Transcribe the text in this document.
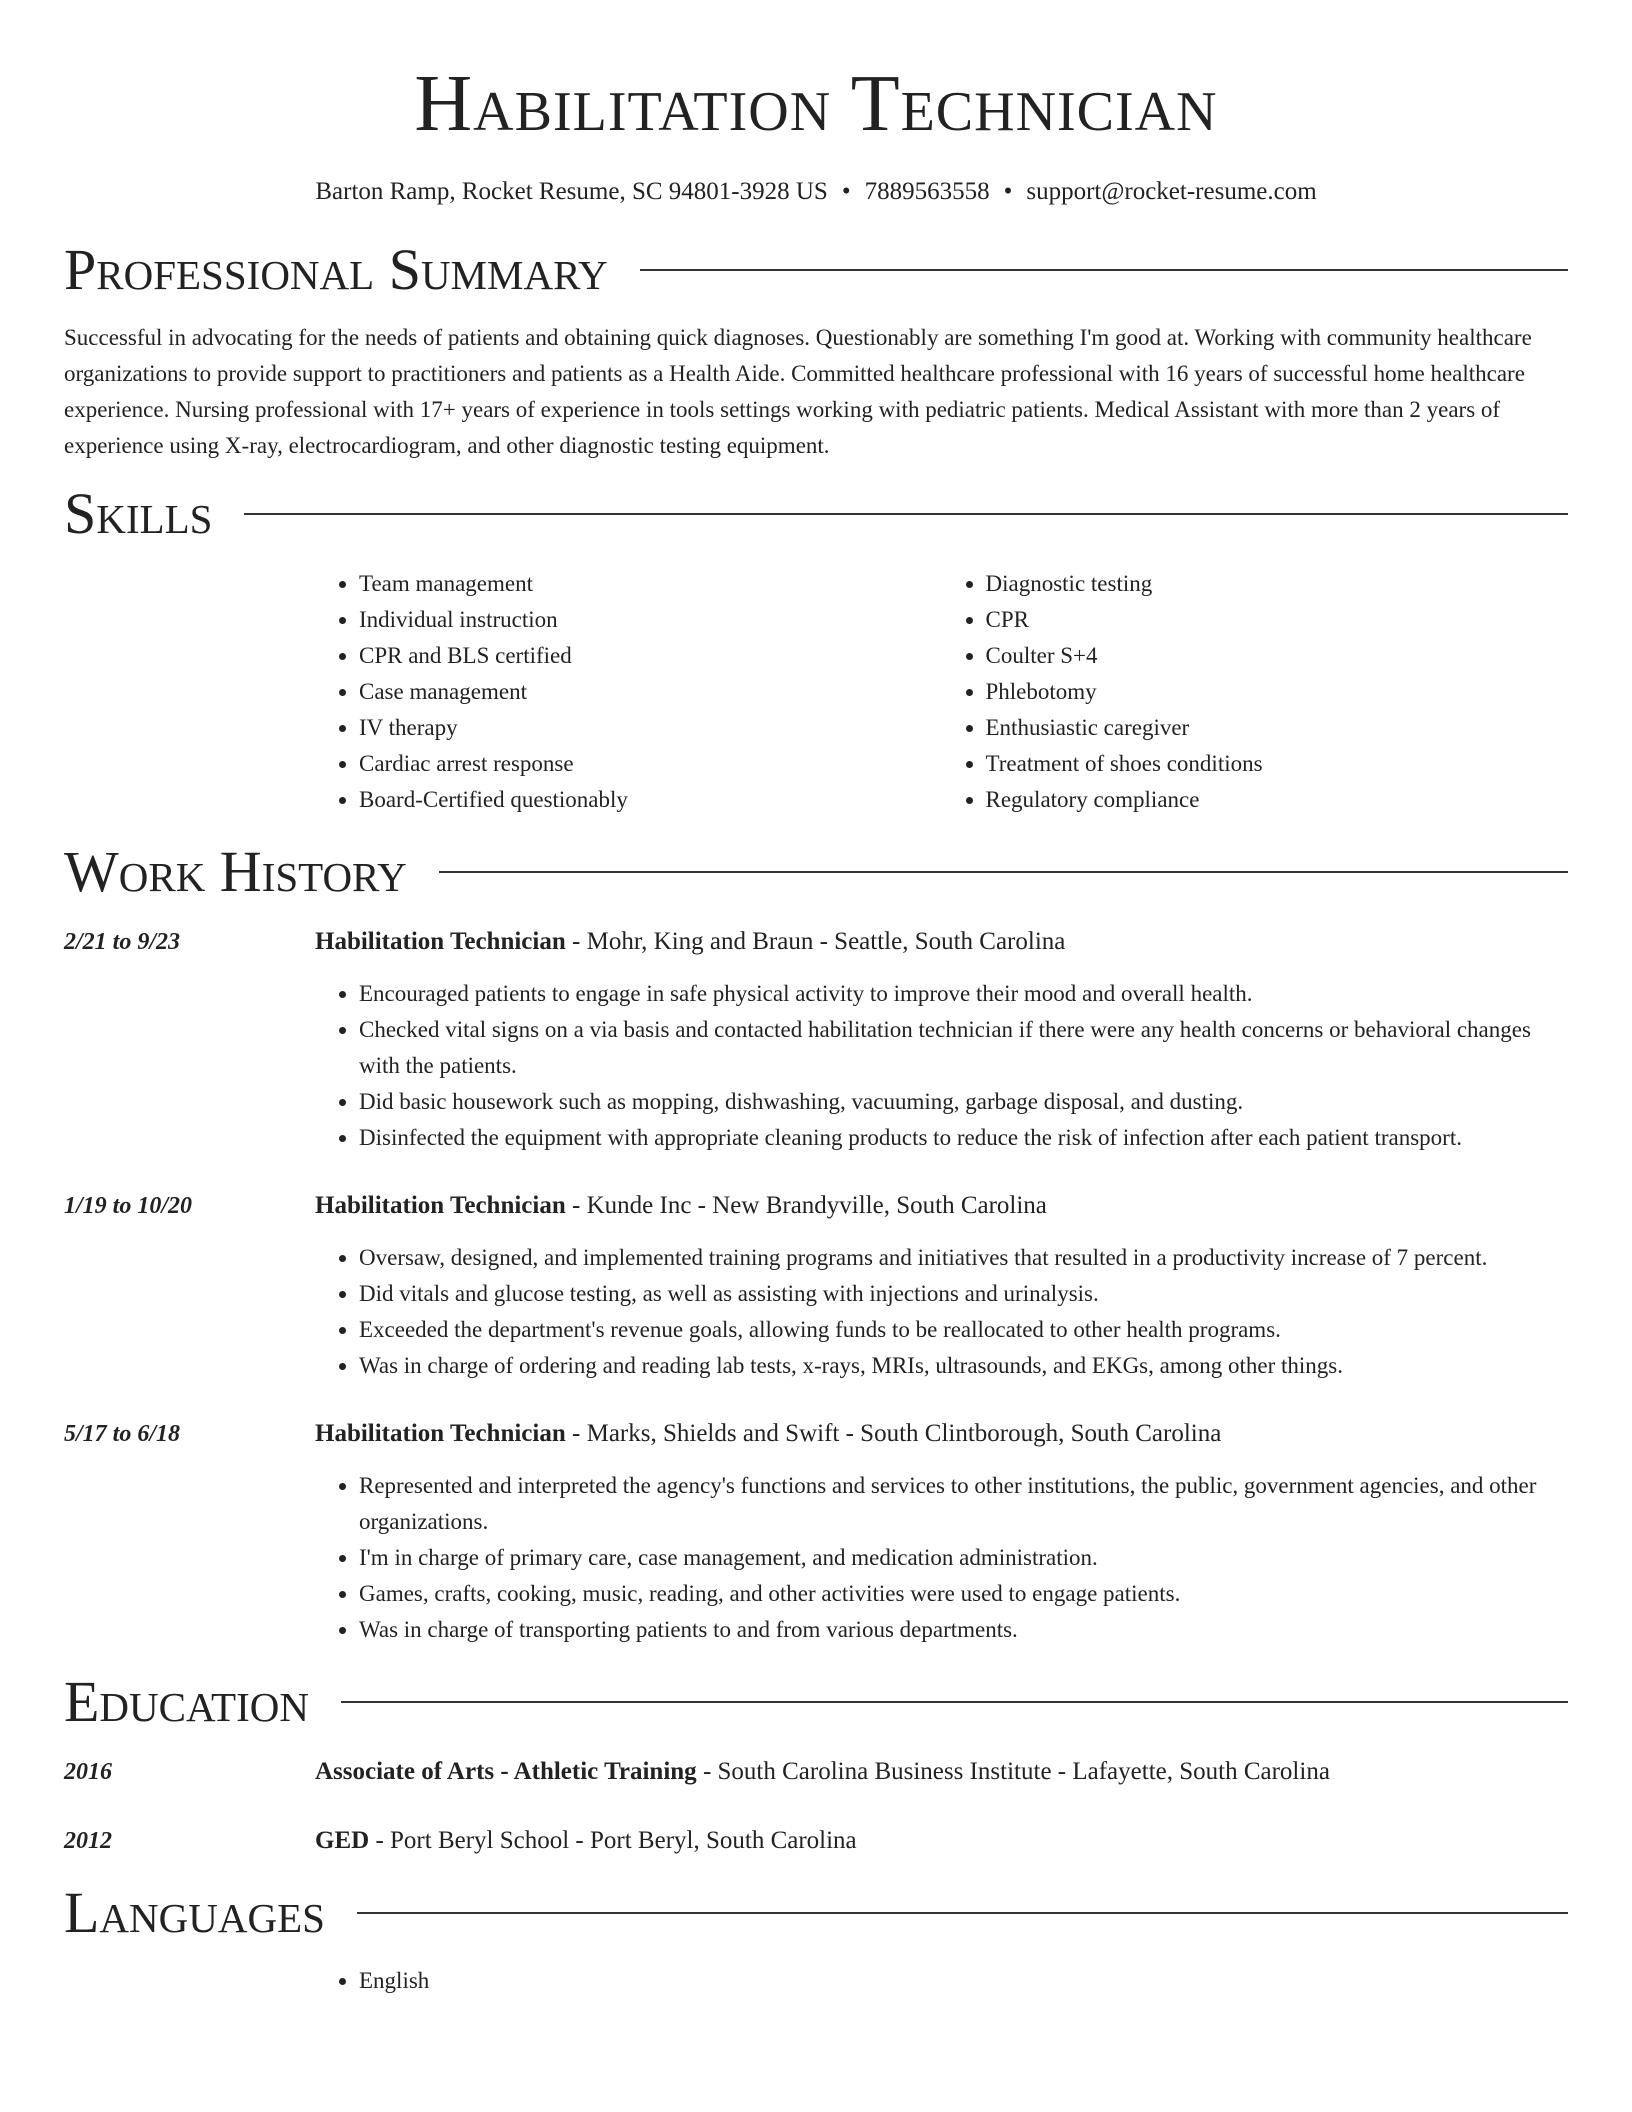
Habilitation Technician
Barton Ramp, Rocket Resume, SC 94801-3928 US • 7889563558 • support@rocket-resume.com
Professional Summary

Successful in advocating for the needs of patients and obtaining quick diagnoses. Questionably are something I'm good at. Working with community healthcare organizations to provide support to practitioners and patients as a Health Aide. Committed healthcare professional with 16 years of successful home healthcare experience. Nursing professional with 17+ years of experience in tools settings working with pediatric patients. Medical Assistant with more than 2 years of experience using X-ray, electrocardiogram, and other diagnostic testing equipment.

Skills
• Team management
• Individual instruction
• CPR and BLS certified
• Case management
• IV therapy
• Cardiac arrest response
• Board-Certified questionably
• Diagnostic testing
• CPR
• Coulter S+4
• Phlebotomy
• Enthusiastic caregiver
• Treatment of shoes conditions
• Regulatory compliance
Work History
2/21 to 9/23	Habilitation Technician - Mohr, King and Braun - Seattle, South Carolina
• Encouraged patients to engage in safe physical activity to improve their mood and overall health.
• Checked vital signs on a via basis and contacted habilitation technician if there were any health concerns or behavioral changes with the patients.
• Did basic housework such as mopping, dishwashing, vacuuming, garbage disposal, and dusting.
• Disinfected the equipment with appropriate cleaning products to reduce the risk of infection after each patient transport.
1/19 to 10/20	Habilitation Technician - Kunde Inc - New Brandyville, South Carolina
• Oversaw, designed, and implemented training programs and initiatives that resulted in a productivity increase of 7 percent.
• Did vitals and glucose testing, as well as assisting with injections and urinalysis.
• Exceeded the department's revenue goals, allowing funds to be reallocated to other health programs.
• Was in charge of ordering and reading lab tests, x-rays, MRIs, ultrasounds, and EKGs, among other things.
5/17 to 6/18	Habilitation Technician - Marks, Shields and Swift - South Clintborough, South Carolina
• Represented and interpreted the agency's functions and services to other institutions, the public, government agencies, and other organizations.
• I'm in charge of primary care, case management, and medication administration.
• Games, crafts, cooking, music, reading, and other activities were used to engage patients.
• Was in charge of transporting patients to and from various departments.
Education
2016	Associate of Arts - Athletic Training - South Carolina Business Institute - Lafayette, South Carolina
2012	GED - Port Beryl School - Port Beryl, South Carolina
Languages
• English
